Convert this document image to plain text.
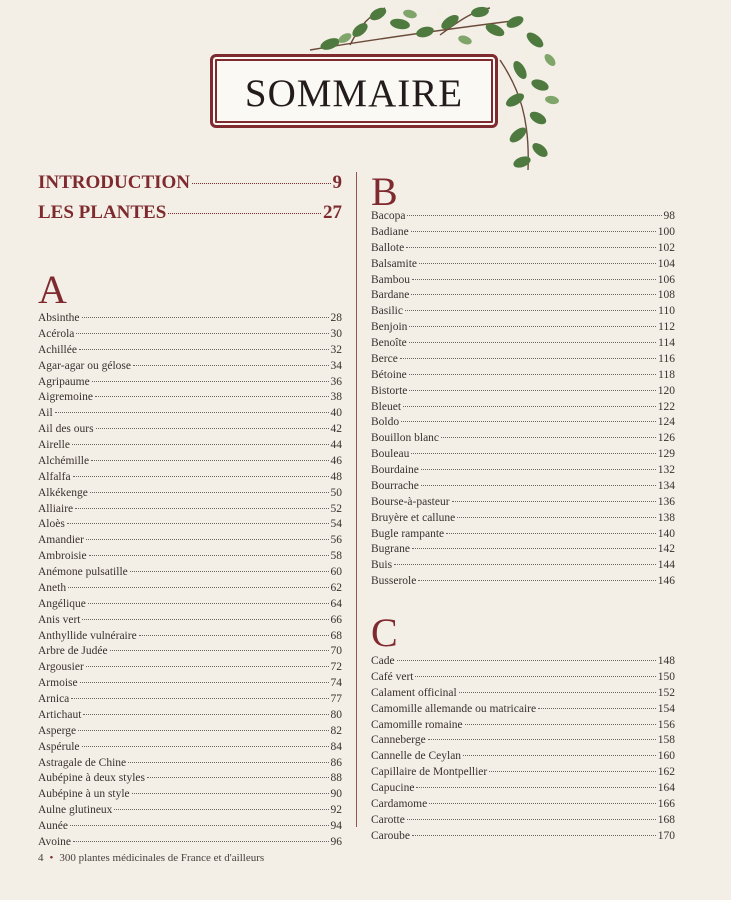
SOMMAIRE
INTRODUCTION	9
LES PLANTES	27
A
Absinthe	28
Acérola	30
Achillée	32
Agar-agar ou gélose	34
Agripaume	36
Aigremoine	38
Ail	40
Ail des ours	42
Airelle	44
Alchémille	46
Alfalfa	48
Alkékenge	50
Alliaire	52
Aloès	54
Amandier	56
Ambroisie	58
Anémone pulsatille	60
Aneth	62
Angélique	64
Anis vert	66
Anthyllide vulnéraire	68
Arbre de Judée	70
Argousier	72
Armoise	74
Arnica	77
Artichaut	80
Asperge	82
Aspérule	84
Astragale de Chine	86
Aubépine à deux styles	88
Aubépine à un style	90
Aulne glutineux	92
Aunée	94
Avoine	96
B
Bacopa	98
Badiane	100
Ballote	102
Balsamite	104
Bambou	106
Bardane	108
Basilic	110
Benjoin	112
Benoîte	114
Berce	116
Bétoine	118
Bistorte	120
Bleuet	122
Boldo	124
Bouillon blanc	126
Bouleau	129
Bourdaine	132
Bourrache	134
Bourse-à-pasteur	136
Bruyère et callune	138
Bugle rampante	140
Bugrane	142
Buis	144
Busserole	146
C
Cade	148
Café vert	150
Calament officinal	152
Camomille allemande ou matricaire	154
Camomille romaine	156
Canneberge	158
Cannelle de Ceylan	160
Capillaire de Montpellier	162
Capucine	164
Cardamome	166
Carotte	168
Caroube	170
4 • 300 plantes médicinales de France et d'ailleurs
